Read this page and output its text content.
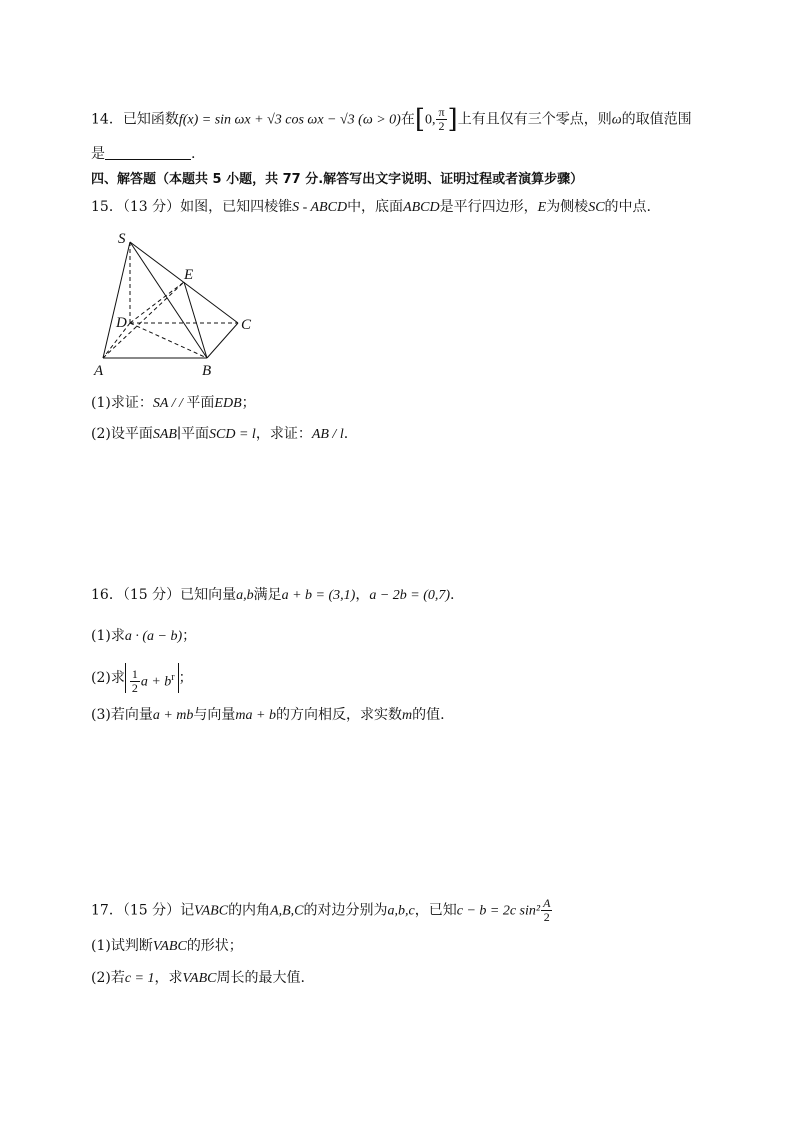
14．已知函数f(x) = sin ωx + √3 cos ωx − √3 (ω > 0)在[0, $\frac{\pi}{2}$ ]上有且仅有三个零点，则ω的取值范围
是	.
四、解答题（本题共 5 小题，共 77 分.解答写出文字说明、证明过程或者演算步骤）
15．（13 分）如图，已知四棱锥S - ABCD中，底面ABCD是平行四边形，E为侧棱SC的中点.
S
E
D	C
A	B
(1)求证：SA / / 平面EDB；
(2)设平面SAB∣平面SCD = l，求证：AB / l.
16．（15 分）已知向量a,b满足a + b = (3,1)，a − 2b = (0,7).
(1)求a · (a − b)；
(2)求 $\frac{1}{2}$ $a + b^r$ ；
(3)若向量a + mb与向量ma + b的方向相反，求实数m的值.
17．（15 分）记VABC的内角A,B,C的对边分别为a,b,c，已知c − b = 2c $\sin^2 \frac{A}{2}$
(1)试判断VABC的形状；
(2)若c = 1，求VABC周长的最大值.
